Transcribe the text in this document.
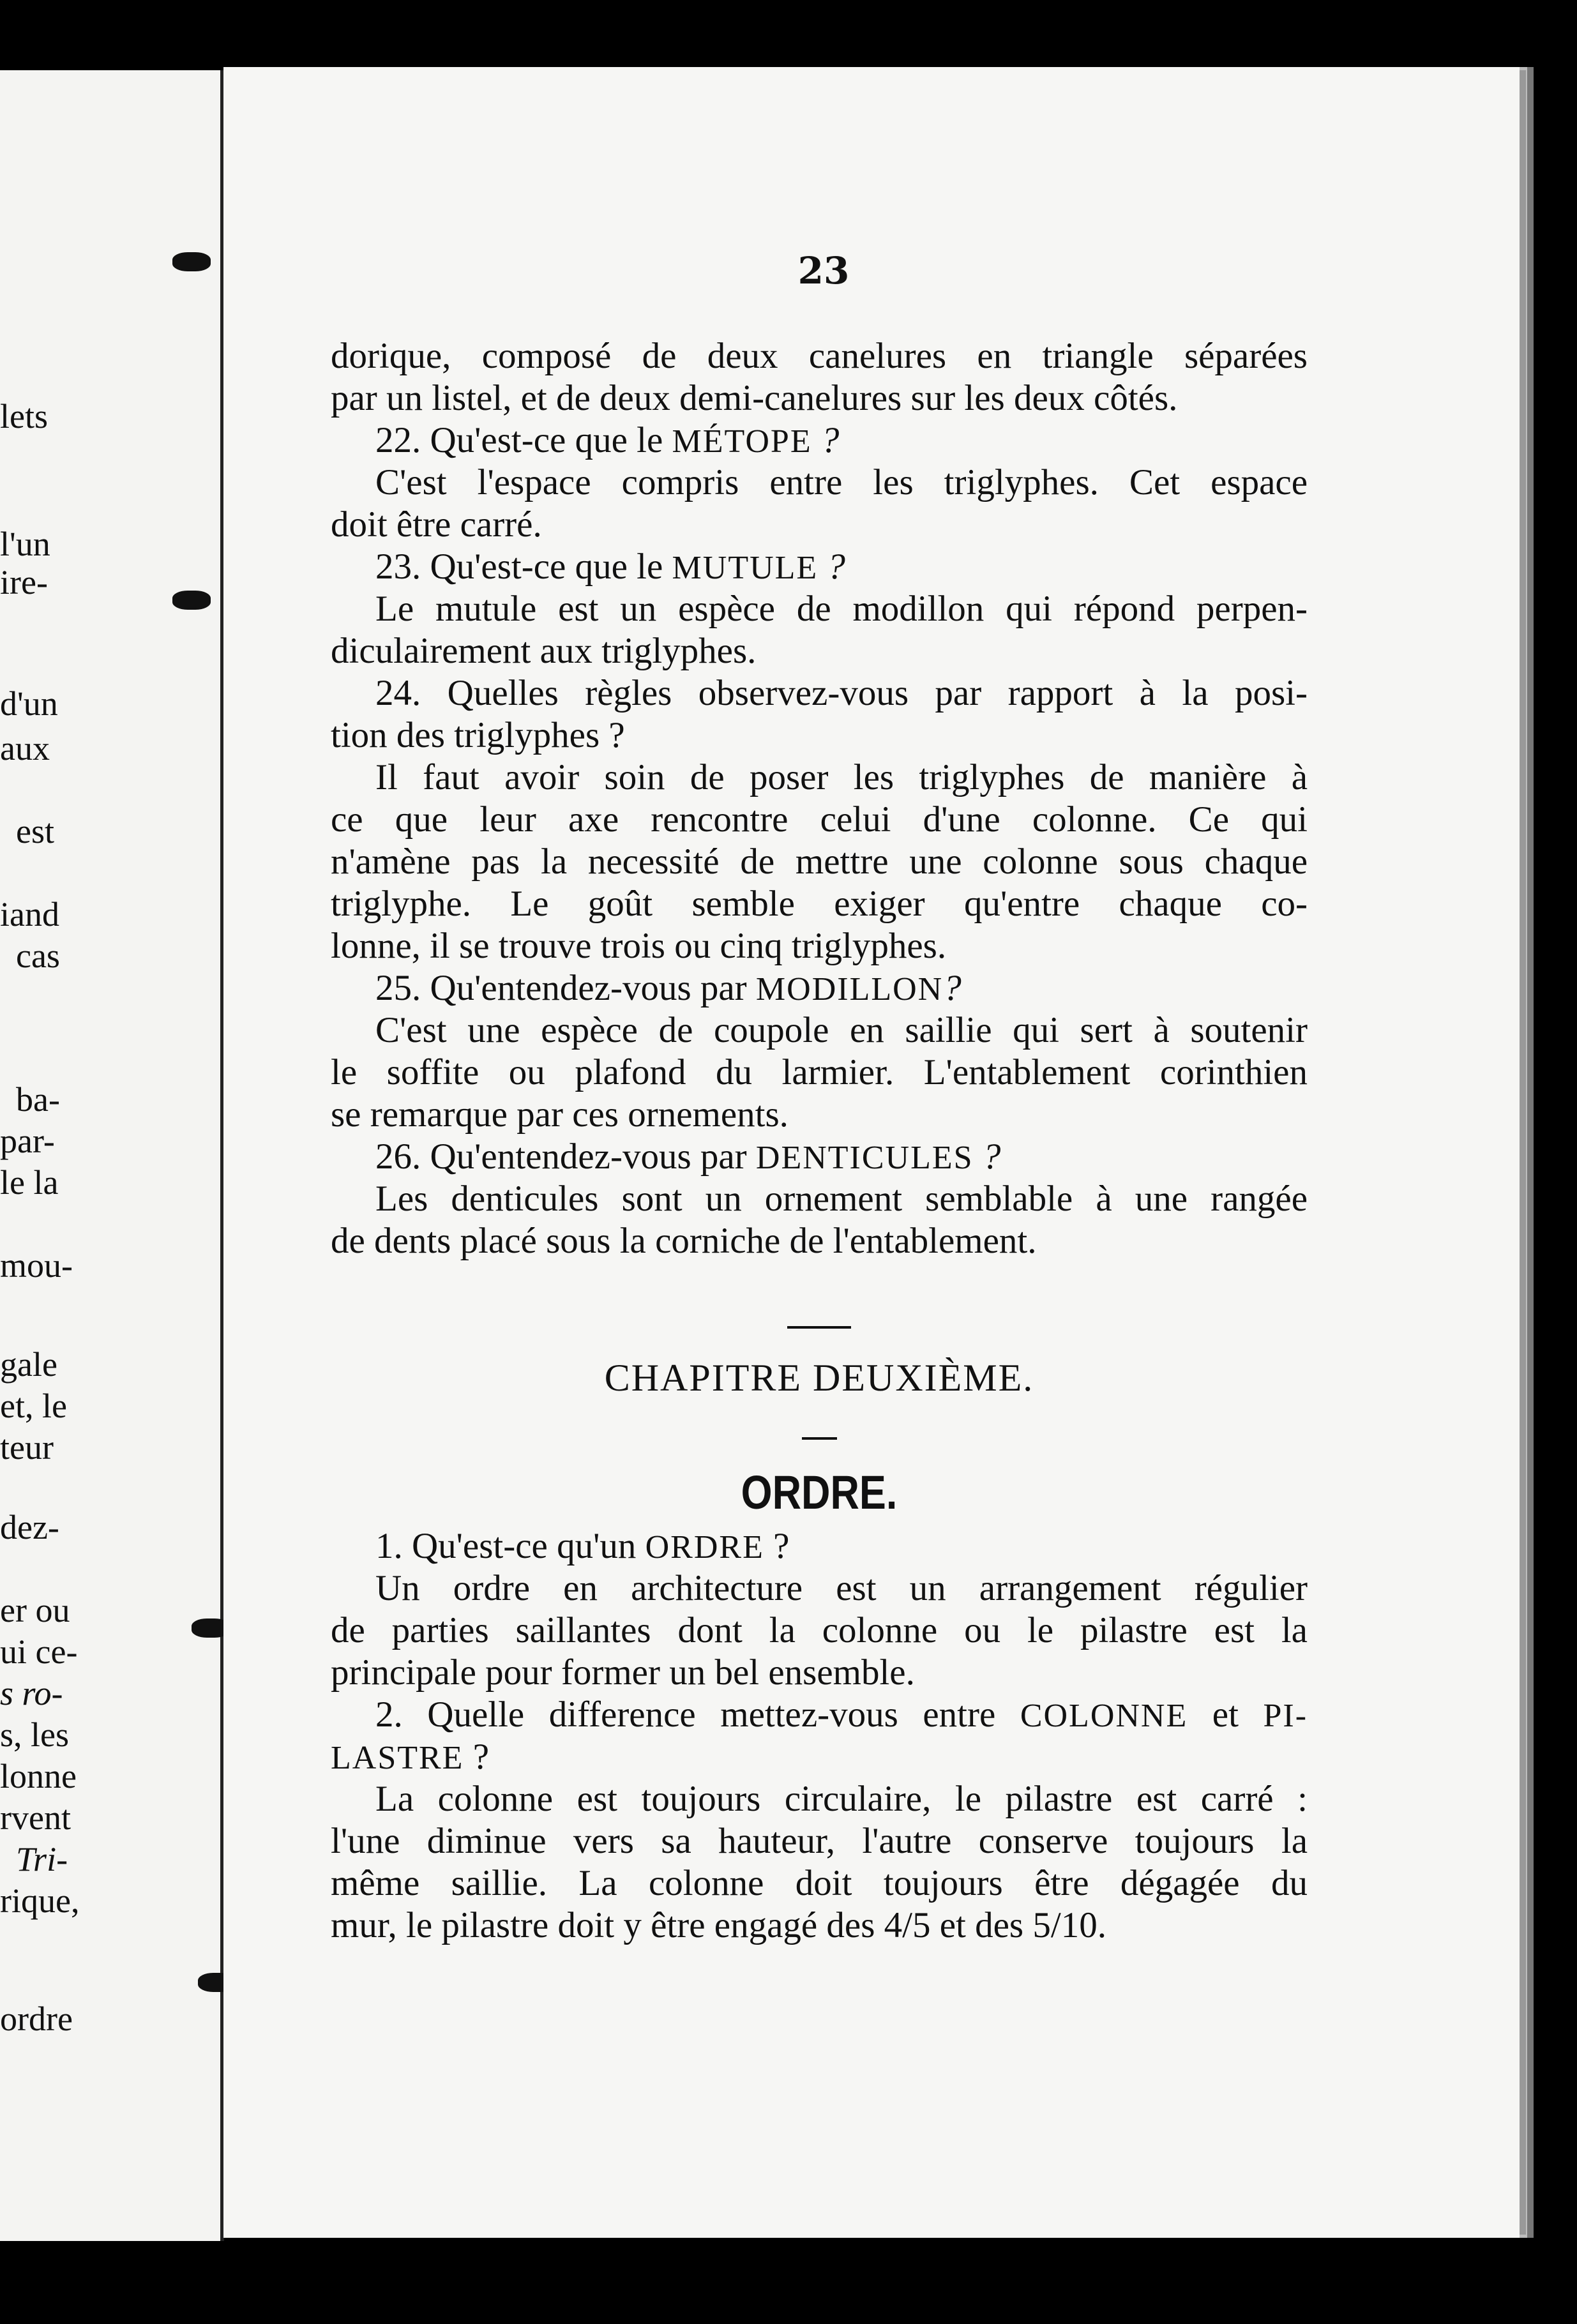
lets
l'un
ire-
d'un
aux
est
iand
cas
ba-
par-
le la
mou-
gale
et, le
teur
dez-
er ou
ui ce-
s ro-
s, les
lonne
rvent
Tri-
rique,
ordre
23
dorique, composé de deux canelures en triangle séparées
par un listel, et de deux demi-canelures sur les deux côtés.
22. Qu'est-ce que le MÉTOPE ?
C'est l'espace compris entre les triglyphes. Cet espace
doit être carré.
23. Qu'est-ce que le MUTULE ?
Le mutule est un espèce de modillon qui répond perpen-
diculairement aux triglyphes.
24. Quelles règles observez-vous par rapport à la posi-
tion des triglyphes ?
Il faut avoir soin de poser les triglyphes de manière à
ce que leur axe rencontre celui d'une colonne. Ce qui
n'amène pas la necessité de mettre une colonne sous chaque
triglyphe. Le goût semble exiger qu'entre chaque co-
lonne, il se trouve trois ou cinq triglyphes.
25. Qu'entendez-vous par MODILLON?
C'est une espèce de coupole en saillie qui sert à soutenir
le soffite ou plafond du larmier. L'entablement corinthien
se remarque par ces ornements.
26. Qu'entendez-vous par DENTICULES ?
Les denticules sont un ornement semblable à une rangée
de dents placé sous la corniche de l'entablement.
CHAPITRE DEUXIÈME.
ORDRE.
1. Qu'est-ce qu'un ORDRE ?
Un ordre en architecture est un arrangement régulier
de parties saillantes dont la colonne ou le pilastre est la
principale pour former un bel ensemble.
2. Quelle difference mettez-vous entre COLONNE et PI-
LASTRE ?
La colonne est toujours circulaire, le pilastre est carré :
l'une diminue vers sa hauteur, l'autre conserve toujours la
même saillie. La colonne doit toujours être dégagée du
mur, le pilastre doit y être engagé des 4/5 et des 5/10.
